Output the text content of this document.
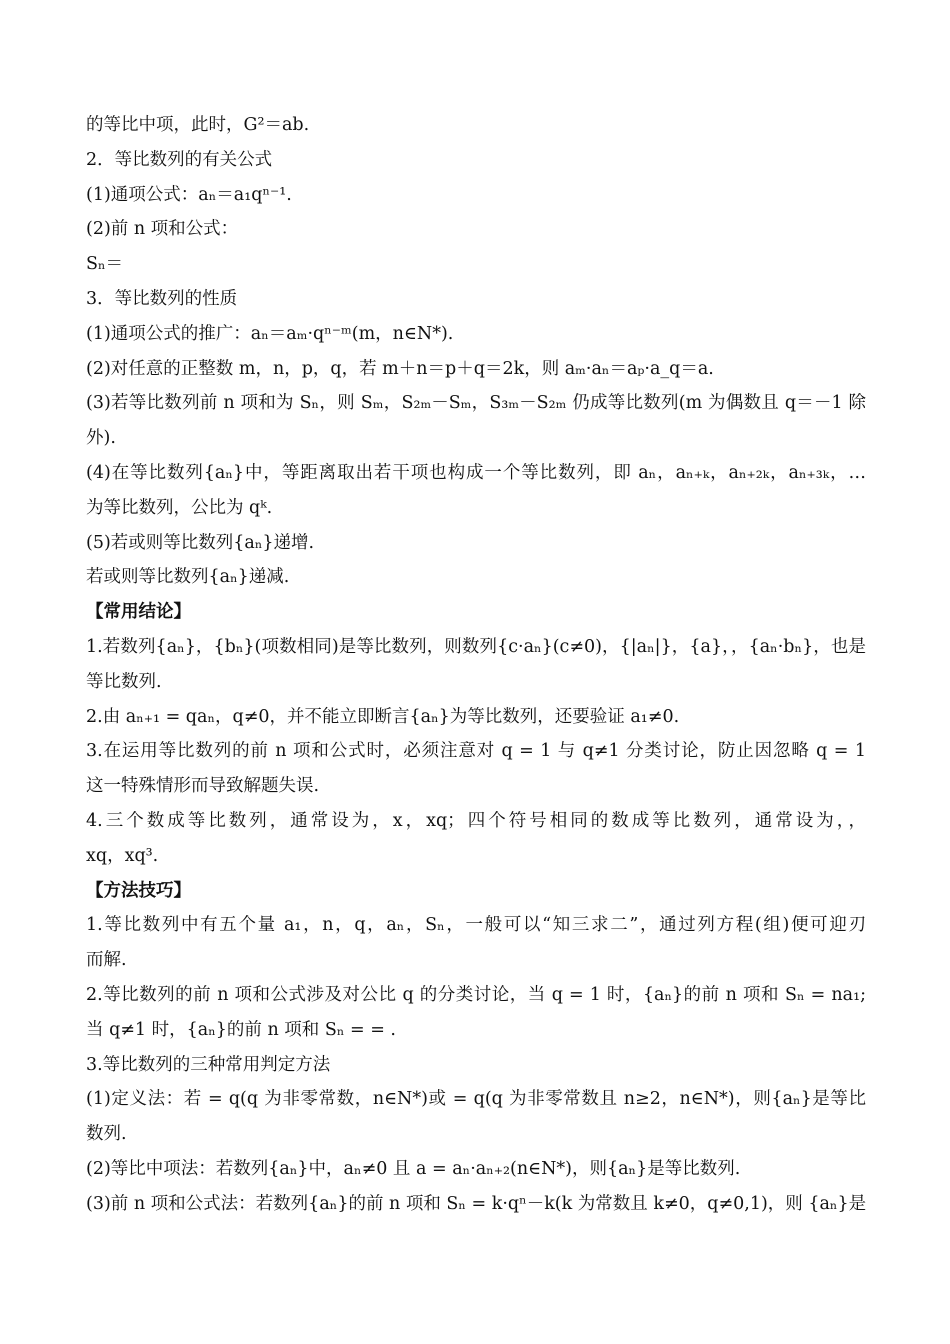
的等比中项，此时，G²＝ab.
2．等比数列的有关公式
(1)通项公式：aₙ＝a₁qⁿ⁻¹.
(2)前 n 项和公式：
Sₙ＝
3．等比数列的性质
(1)通项公式的推广：aₙ＝aₘ·qⁿ⁻ᵐ(m，n∈N*).
(2)对任意的正整数 m，n，p，q，若 m＋n＝p＋q＝2k，则 aₘ·aₙ＝aₚ·a_q＝a.
(3)若等比数列前 n 项和为 Sₙ，则 Sₘ，S₂ₘ－Sₘ，S₃ₘ－S₂ₘ 仍成等比数列(m 为偶数且 q＝－1 除
外).
(4)在等比数列{aₙ}中，等距离取出若干项也构成一个等比数列，即 aₙ，aₙ₊ₖ，aₙ₊₂ₖ，aₙ₊₃ₖ，…
为等比数列，公比为 qᵏ.
(5)若或则等比数列{aₙ}递增.
若或则等比数列{aₙ}递减.
【常用结论】
1.若数列{aₙ}，{bₙ}(项数相同)是等比数列，则数列{c·aₙ}(c≠0)，{|aₙ|}，{a}，，{aₙ·bₙ}，也是
等比数列.
2.由 aₙ₊₁ = qaₙ，q≠0，并不能立即断言{aₙ}为等比数列，还要验证 a₁≠0.
3.在运用等比数列的前 n 项和公式时，必须注意对 q = 1 与 q≠1 分类讨论，防止因忽略 q = 1
这一特殊情形而导致解题失误.
4.三个数成等比数列，通常设为，x，xq；四个符号相同的数成等比数列，通常设为，，
xq，xq³.
【方法技巧】
1.等比数列中有五个量 a₁，n，q，aₙ，Sₙ，一般可以“知三求二”，通过列方程(组)便可迎刃
而解.
2.等比数列的前 n 项和公式涉及对公比 q 的分类讨论，当 q = 1 时，{aₙ}的前 n 项和 Sₙ = na₁;
当 q≠1 时，{aₙ}的前 n 项和 Sₙ = = .
3.等比数列的三种常用判定方法
(1)定义法：若 = q(q 为非零常数，n∈N*)或 = q(q 为非零常数且 n≥2，n∈N*)，则{aₙ}是等比
数列.
(2)等比中项法：若数列{aₙ}中，aₙ≠0 且 a = aₙ·aₙ₊₂(n∈N*)，则{aₙ}是等比数列.
(3)前 n 项和公式法：若数列{aₙ}的前 n 项和 Sₙ = k·qⁿ－k(k 为常数且 k≠0，q≠0,1)，则 {aₙ}是
